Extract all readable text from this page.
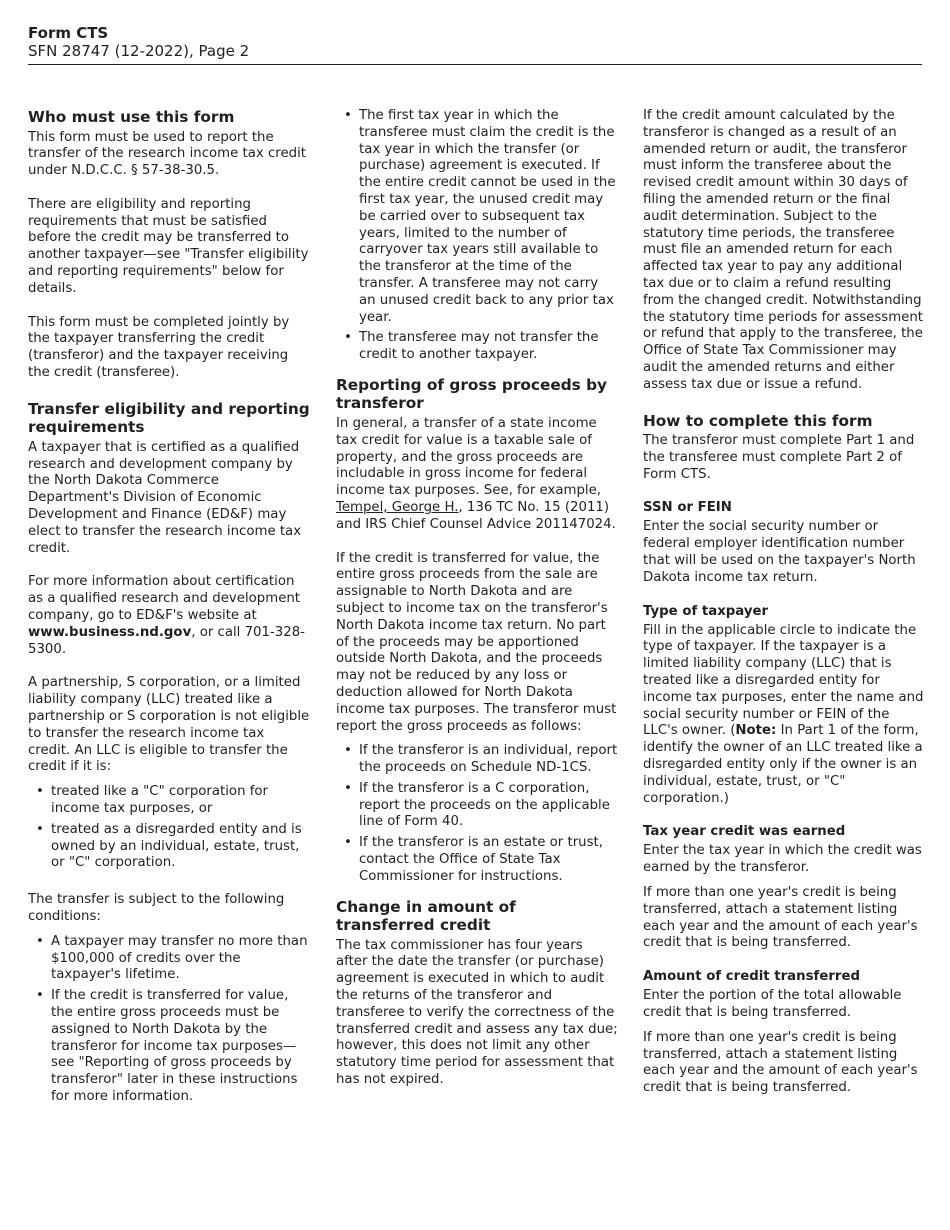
Form CTS
SFN 28747 (12-2022), Page 2
Who must use this form

This form must be used to report the transfer of the research income tax credit under N.D.C.C. § 57-38-30.5.

There are eligibility and reporting requirements that must be satisfied before the credit may be transferred to another taxpayer—see "Transfer eligibility and reporting requirements" below for details.

This form must be completed jointly by the taxpayer transferring the credit (transferor) and the taxpayer receiving the credit (transferee).

Transfer eligibility and reporting requirements

A taxpayer that is certified as a qualified research and development company by the North Dakota Commerce Department's Division of Economic Development and Finance (ED&F) may elect to transfer the research income tax credit.

For more information about certification as a qualified research and development company, go to ED&F's website at www.business.nd.gov, or call 701-328-5300.

A partnership, S corporation, or a limited liability company (LLC) treated like a partnership or S corporation is not eligible to transfer the research income tax credit. An LLC is eligible to transfer the credit if it is:

• treated like a "C" corporation for income tax purposes, or
• treated as a disregarded entity and is owned by an individual, estate, trust, or "C" corporation.

The transfer is subject to the following conditions:

• A taxpayer may transfer no more than $100,000 of credits over the taxpayer's lifetime.
• If the credit is transferred for value, the entire gross proceeds must be assigned to North Dakota by the transferor for income tax purposes—see "Reporting of gross proceeds by transferor" later in these instructions for more information.
• The first tax year in which the transferee must claim the credit is the tax year in which the transfer (or purchase) agreement is executed. If the entire credit cannot be used in the first tax year, the unused credit may be carried over to subsequent tax years, limited to the number of carryover tax years still available to the transferor at the time of the transfer. A transferee may not carry an unused credit back to any prior tax year.
• The transferee may not transfer the credit to another taxpayer.
Reporting of gross proceeds by transferor

In general, a transfer of a state income tax credit for value is a taxable sale of property, and the gross proceeds are includable in gross income for federal income tax purposes. See, for example, Tempel, George H., 136 TC No. 15 (2011) and IRS Chief Counsel Advice 201147024.

If the credit is transferred for value, the entire gross proceeds from the sale are assignable to North Dakota and are subject to income tax on the transferor's North Dakota income tax return. No part of the proceeds may be apportioned outside North Dakota, and the proceeds may not be reduced by any loss or deduction allowed for North Dakota income tax purposes. The transferor must report the gross proceeds as follows:

• If the transferor is an individual, report the proceeds on Schedule ND-1CS.
• If the transferor is a C corporation, report the proceeds on the applicable line of Form 40.
• If the transferor is an estate or trust, contact the Office of State Tax Commissioner for instructions.
Change in amount of transferred credit

The tax commissioner has four years after the date the transfer (or purchase) agreement is executed in which to audit the returns of the transferor and transferee to verify the correctness of the transferred credit and assess any tax due; however, this does not limit any other statutory time period for assessment that has not expired.

If the credit amount calculated by the transferor is changed as a result of an amended return or audit, the transferor must inform the transferee about the revised credit amount within 30 days of filing the amended return or the final audit determination. Subject to the statutory time periods, the transferee must file an amended return for each affected tax year to pay any additional tax due or to claim a refund resulting from the changed credit. Notwithstanding the statutory time periods for assessment or refund that apply to the transferee, the Office of State Tax Commissioner may audit the amended returns and either assess tax due or issue a refund.

How to complete this form

The transferor must complete Part 1 and the transferee must complete Part 2 of Form CTS.

SSN or FEIN

Enter the social security number or federal employer identification number that will be used on the taxpayer's North Dakota income tax return.

Type of taxpayer

Fill in the applicable circle to indicate the type of taxpayer. If the taxpayer is a limited liability company (LLC) that is treated like a disregarded entity for income tax purposes, enter the name and social security number or FEIN of the LLC's owner. (Note: In Part 1 of the form, identify the owner of an LLC treated like a disregarded entity only if the owner is an individual, estate, trust, or "C" corporation.)

Tax year credit was earned

Enter the tax year in which the credit was earned by the transferor.

If more than one year's credit is being transferred, attach a statement listing each year and the amount of each year's credit that is being transferred.

Amount of credit transferred

Enter the portion of the total allowable credit that is being transferred.

If more than one year's credit is being transferred, attach a statement listing each year and the amount of each year's credit that is being transferred.
